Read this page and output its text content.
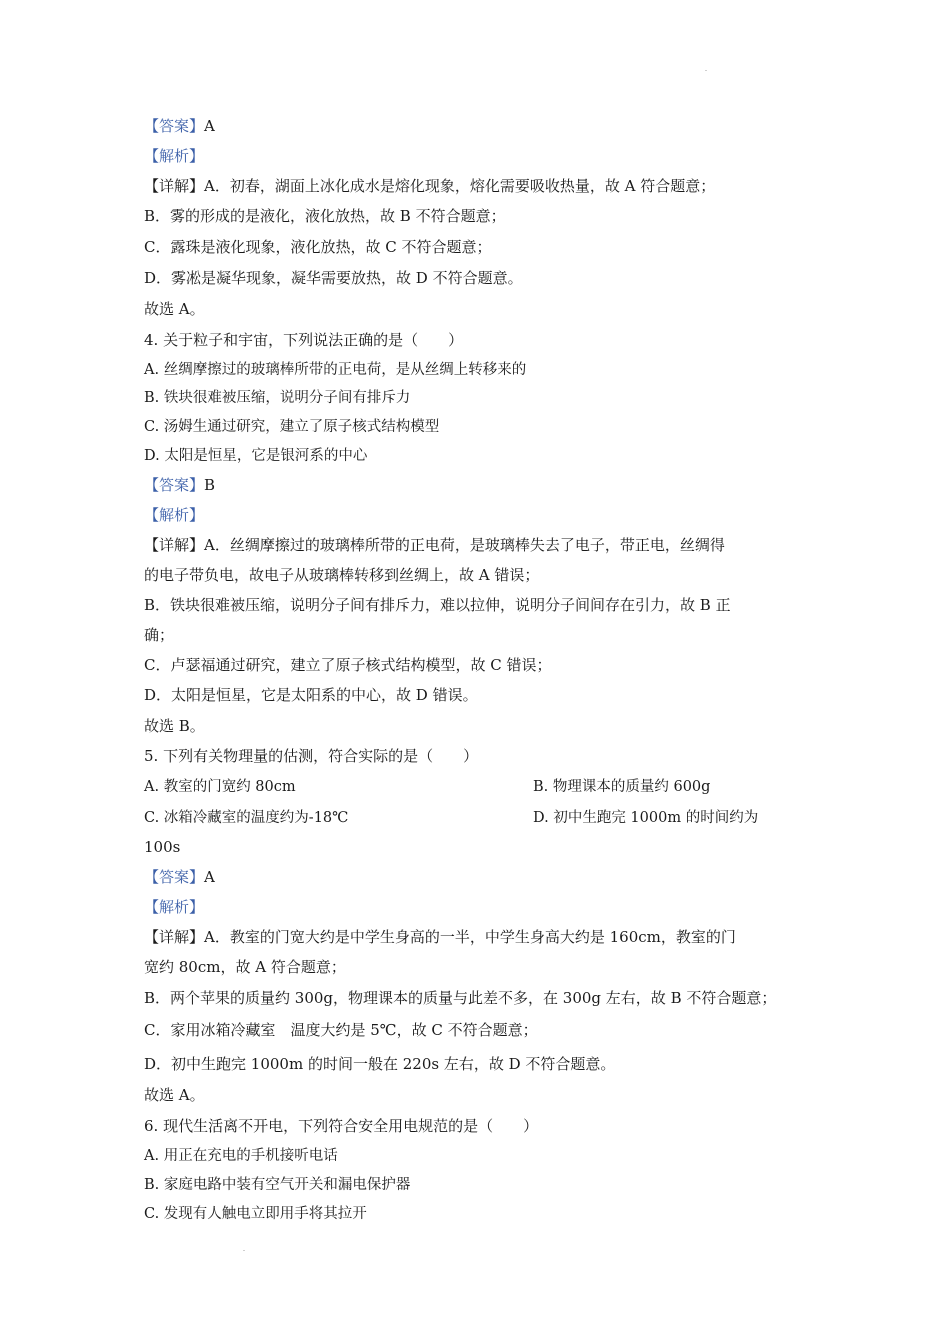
【答案】A
【解析】
【详解】A．初春，湖面上冰化成水是熔化现象，熔化需要吸收热量，故 A 符合题意；
B．雾的形成的是液化，液化放热，故 B 不符合题意；
C．露珠是液化现象，液化放热，故 C 不符合题意；
D．雾凇是凝华现象，凝华需要放热，故 D 不符合题意。
故选 A。
4. 关于粒子和宇宙，下列说法正确的是（　　）
A. 丝绸摩擦过的玻璃棒所带的正电荷，是从丝绸上转移来的
B. 铁块很难被压缩，说明分子间有排斥力
C. 汤姆生通过研究，建立了原子核式结构模型
D. 太阳是恒星，它是银河系的中心
【答案】B
【解析】
【详解】A．丝绸摩擦过的玻璃棒所带的正电荷，是玻璃棒失去了电子，带正电，丝绸得
的电子带负电，故电子从玻璃棒转移到丝绸上，故 A 错误；
B．铁块很难被压缩，说明分子间有排斥力，难以拉伸，说明分子间间存在引力，故 B 正
确；
C．卢瑟福通过研究，建立了原子核式结构模型，故 C 错误；
D．太阳是恒星，它是太阳系的中心，故 D 错误。
故选 B。
5. 下列有关物理量的估测，符合实际的是（　　）
A. 教室的门宽约 80cm	B. 物理课本的质量约 600g
C. 冰箱冷藏室的温度约为-18℃	D. 初中生跑完 1000m 的时间约为
100s
【答案】A
【解析】
【详解】A．教室的门宽大约是中学生身高的一半，中学生身高大约是 160cm，教室的门
宽约 80cm，故 A 符合题意；
B．两个苹果的质量约 300g，物理课本的质量与此差不多，在 300g 左右，故 B 不符合题意；
C．家用冰箱冷藏室　温度大约是 5℃，故 C 不符合题意；
D．初中生跑完 1000m 的时间一般在 220s 左右，故 D 不符合题意。
故选 A。
6. 现代生活离不开电，下列符合安全用电规范的是（　　）
A. 用正在充电的手机接听电话
B. 家庭电路中装有空气开关和漏电保护器
C. 发现有人触电立即用手将其拉开
